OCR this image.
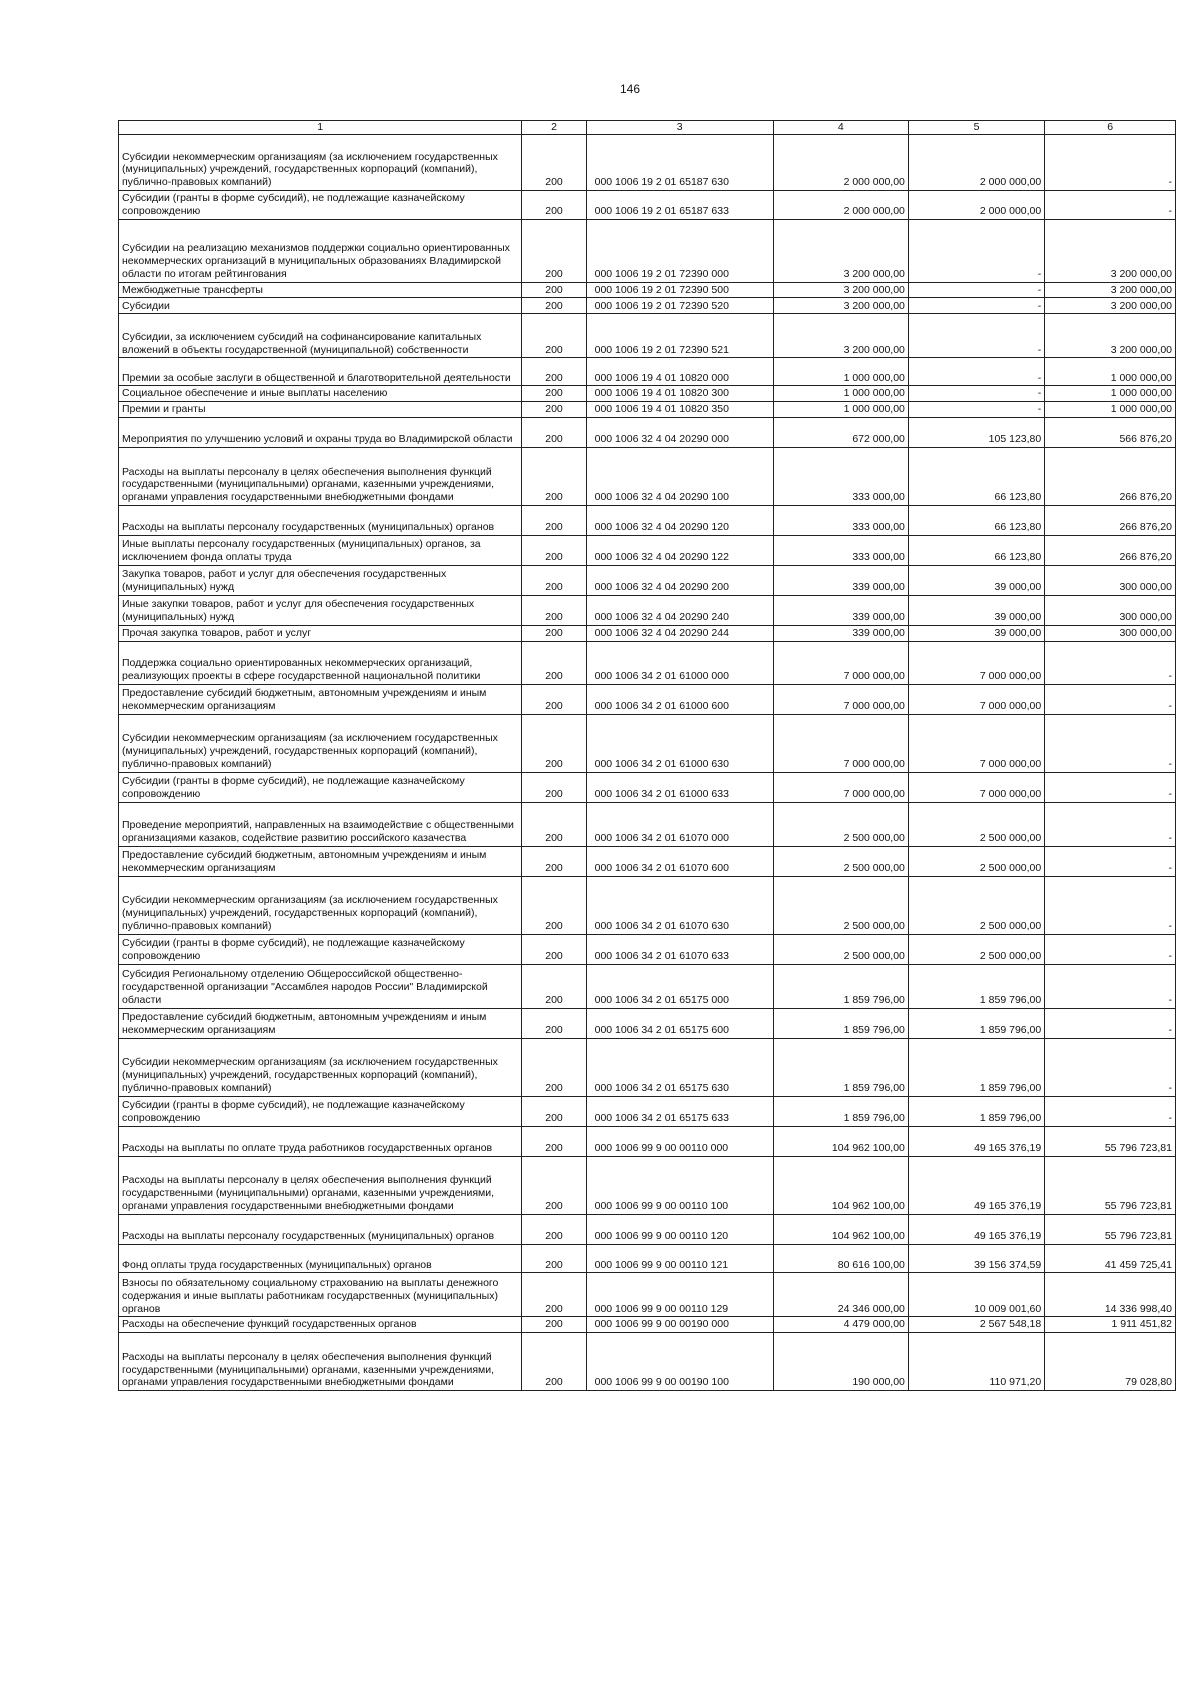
146
1	2	3	4	5	6

Субсидии некоммерческим организациям (за исключением государственных (муниципальных) учреждений, государственных корпораций (компаний), публично-правовых компаний)	200	000 1006 19 2 01 65187 630	2 000 000,00	2 000 000,00	-

Субсидии (гранты в форме субсидий), не подлежащие казначейскому сопровождению	200	000 1006 19 2 01 65187 633	2 000 000,00	2 000 000,00	-

Субсидии на реализацию механизмов поддержки социально ориентированных некоммерческих организаций в муниципальных образованиях Владимирской области по итогам рейтингования	200	000 1006 19 2 01 72390 000	3 200 000,00	-	3 200 000,00

Межбюджетные трансферты	200	000 1006 19 2 01 72390 500	3 200 000,00	-	3 200 000,00

Субсидии	200	000 1006 19 2 01 72390 520	3 200 000,00	-	3 200 000,00

Субсидии, за исключением субсидий на софинансирование капитальных вложений в объекты государственной (муниципальной) собственности	200	000 1006 19 2 01 72390 521	3 200 000,00	-	3 200 000,00

Премии за особые заслуги в общественной и благотворительной деятельности	200	000 1006 19 4 01 10820 000	1 000 000,00	-	1 000 000,00

Социальное обеспечение и иные выплаты населению	200	000 1006 19 4 01 10820 300	1 000 000,00	-	1 000 000,00

Премии и гранты	200	000 1006 19 4 01 10820 350	1 000 000,00	-	1 000 000,00

Мероприятия по улучшению условий и охраны труда во Владимирской области	200	000 1006 32 4 04 20290 000	672 000,00	105 123,80	566 876,20

Расходы на выплаты персоналу в целях обеспечения выполнения функций государственными (муниципальными) органами, казенными учреждениями, органами управления государственными внебюджетными фондами	200	000 1006 32 4 04 20290 100	333 000,00	66 123,80	266 876,20

Расходы на выплаты персоналу государственных (муниципальных) органов	200	000 1006 32 4 04 20290 120	333 000,00	66 123,80	266 876,20

Иные выплаты персоналу государственных (муниципальных) органов, за исключением фонда оплаты труда	200	000 1006 32 4 04 20290 122	333 000,00	66 123,80	266 876,20

Закупка товаров, работ и услуг для обеспечения государственных (муниципальных) нужд	200	000 1006 32 4 04 20290 200	339 000,00	39 000,00	300 000,00

Иные закупки товаров, работ и услуг для обеспечения государственных (муниципальных) нужд	200	000 1006 32 4 04 20290 240	339 000,00	39 000,00	300 000,00

Прочая закупка товаров, работ и услуг	200	000 1006 32 4 04 20290 244	339 000,00	39 000,00	300 000,00

Поддержка социально ориентированных некоммерческих организаций, реализующих проекты в сфере государственной национальной политики	200	000 1006 34 2 01 61000 000	7 000 000,00	7 000 000,00	-

Предоставление субсидий бюджетным, автономным учреждениям и иным некоммерческим организациям	200	000 1006 34 2 01 61000 600	7 000 000,00	7 000 000,00	-

Субсидии некоммерческим организациям (за исключением государственных (муниципальных) учреждений, государственных корпораций (компаний), публично-правовых компаний)	200	000 1006 34 2 01 61000 630	7 000 000,00	7 000 000,00	-

Субсидии (гранты в форме субсидий), не подлежащие казначейскому сопровождению	200	000 1006 34 2 01 61000 633	7 000 000,00	7 000 000,00	-

Проведение мероприятий, направленных на взаимодействие с общественными организациями казаков, содействие развитию российского казачества	200	000 1006 34 2 01 61070 000	2 500 000,00	2 500 000,00	-

Предоставление субсидий бюджетным, автономным учреждениям и иным некоммерческим организациям	200	000 1006 34 2 01 61070 600	2 500 000,00	2 500 000,00	-

Субсидии некоммерческим организациям (за исключением государственных (муниципальных) учреждений, государственных корпораций (компаний), публично-правовых компаний)	200	000 1006 34 2 01 61070 630	2 500 000,00	2 500 000,00	-

Субсидии (гранты в форме субсидий), не подлежащие казначейскому сопровождению	200	000 1006 34 2 01 61070 633	2 500 000,00	2 500 000,00	-

Субсидия Региональному отделению Общероссийской общественно-государственной организации "Ассамблея народов России" Владимирской области	200	000 1006 34 2 01 65175 000	1 859 796,00	1 859 796,00	-

Предоставление субсидий бюджетным, автономным учреждениям и иным некоммерческим организациям	200	000 1006 34 2 01 65175 600	1 859 796,00	1 859 796,00	-

Субсидии некоммерческим организациям (за исключением государственных (муниципальных) учреждений, государственных корпораций (компаний), публично-правовых компаний)	200	000 1006 34 2 01 65175 630	1 859 796,00	1 859 796,00	-

Субсидии (гранты в форме субсидий), не подлежащие казначейскому сопровождению	200	000 1006 34 2 01 65175 633	1 859 796,00	1 859 796,00	-

Расходы на выплаты по оплате труда работников государственных органов	200	000 1006 99 9 00 00110 000	104 962 100,00	49 165 376,19	55 796 723,81

Расходы на выплаты персоналу в целях обеспечения выполнения функций государственными (муниципальными) органами, казенными учреждениями, органами управления государственными внебюджетными фондами	200	000 1006 99 9 00 00110 100	104 962 100,00	49 165 376,19	55 796 723,81

Расходы на выплаты персоналу государственных (муниципальных) органов	200	000 1006 99 9 00 00110 120	104 962 100,00	49 165 376,19	55 796 723,81

Фонд оплаты труда государственных (муниципальных) органов	200	000 1006 99 9 00 00110 121	80 616 100,00	39 156 374,59	41 459 725,41

Взносы по обязательному социальному страхованию на выплаты денежного содержания и иные выплаты работникам государственных (муниципальных) органов	200	000 1006 99 9 00 00110 129	24 346 000,00	10 009 001,60	14 336 998,40

Расходы на обеспечение функций государственных органов	200	000 1006 99 9 00 00190 000	4 479 000,00	2 567 548,18	1 911 451,82

Расходы на выплаты персоналу в целях обеспечения выполнения функций государственными (муниципальными) органами, казенными учреждениями, органами управления государственными внебюджетными фондами	200	000 1006 99 9 00 00190 100	190 000,00	110 971,20	79 028,80
